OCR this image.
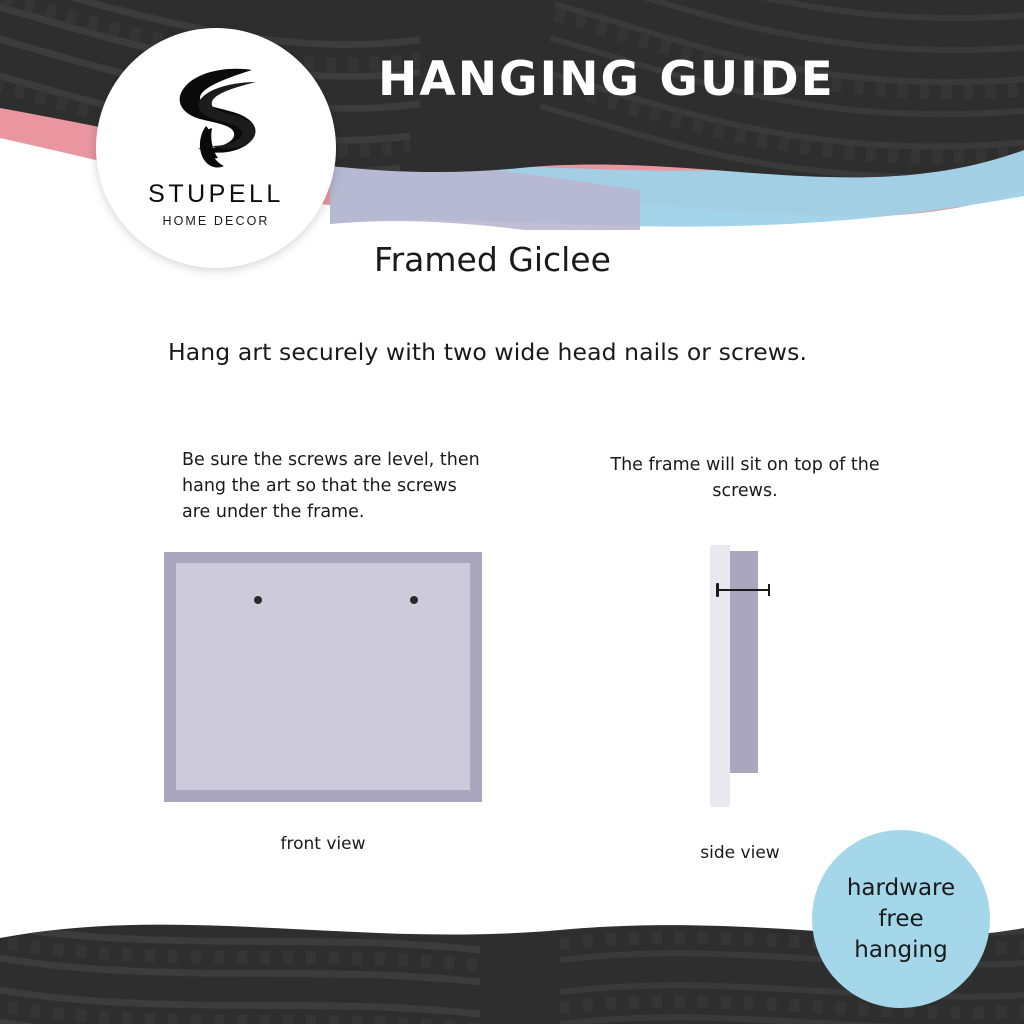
STUPELL
HOME DECOR
HANGING GUIDE
Framed Giclee
Hang art securely with two wide head nails or screws.
Be sure the screws are level, then hang the art so that the screws are under the frame.
front view
The frame will sit on top of the screws.
side view
hardware
free
hanging
